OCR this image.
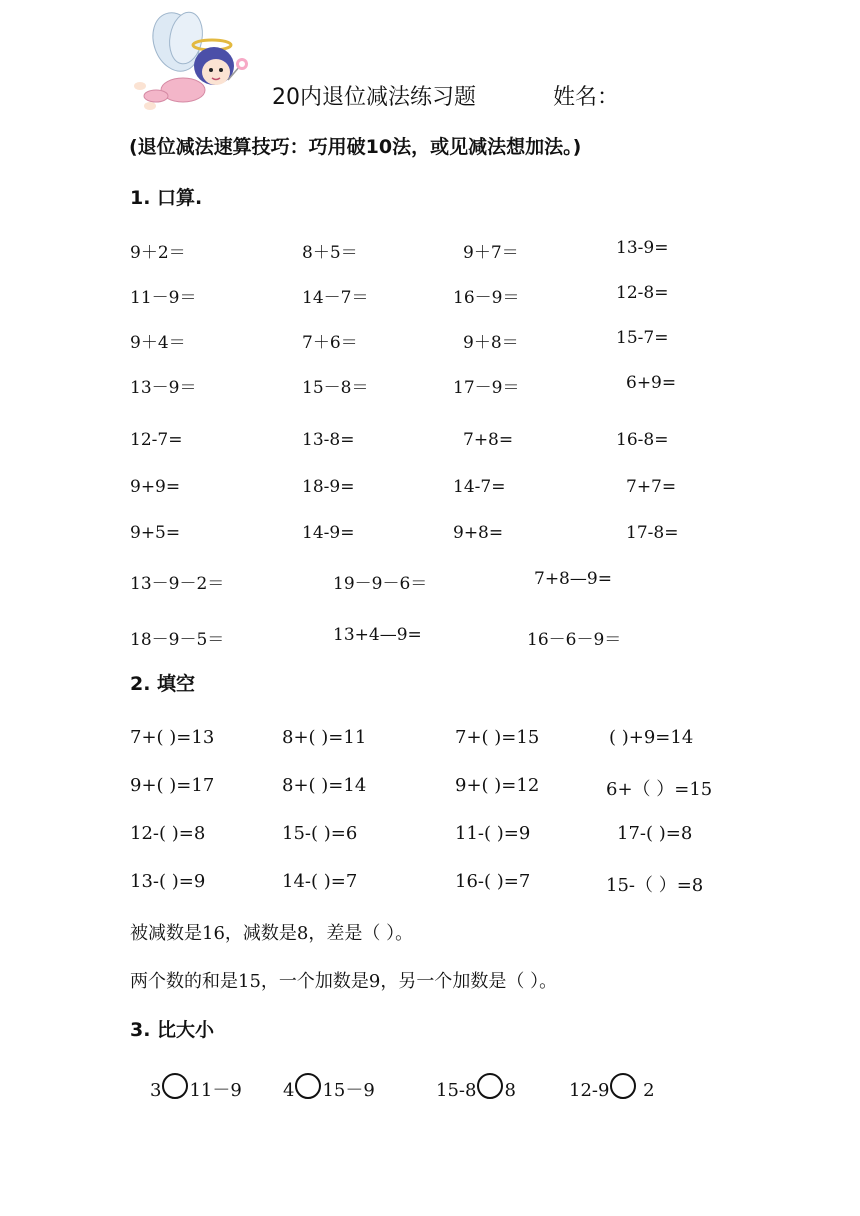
20内退位减法练习题	姓名：
(退位减法速算技巧：巧用破10法，或见减法想加法。)
1. 口算.
9＋2＝	8＋5＝	9＋7＝	13-9=
11－9＝	14－7＝	16－9＝	12-8=
9＋4＝	7＋6＝	9＋8＝	15-7=
13－9＝	15－8＝	17－9＝	6+9=
12-7=	13-8=	7+8=	16-8=
9+9=	18-9=	14-7=	7+7=
9+5=	14-9=	9+8=	17-8=
13－9－2＝	19－9－6＝	7+8—9=
18－9－5＝	13+4—9=	16－6－9＝
2. 填空
7+( )=13	8+( )=11	7+( )=15	( )+9=14
9+( )=17	8+( )=14	9+( )=12	6+（ ）=15
12-( )=8	15-( )=6	11-( )=9	17-( )=8
13-( )=9	14-( )=7	16-( )=7	15-（ ）=8
被减数是16，减数是8，差是（ ）。
两个数的和是15，一个加数是9，另一个加数是（ ）。
3. 比大小
3 11－9 4 15－9	15-8 8	12-9 2
